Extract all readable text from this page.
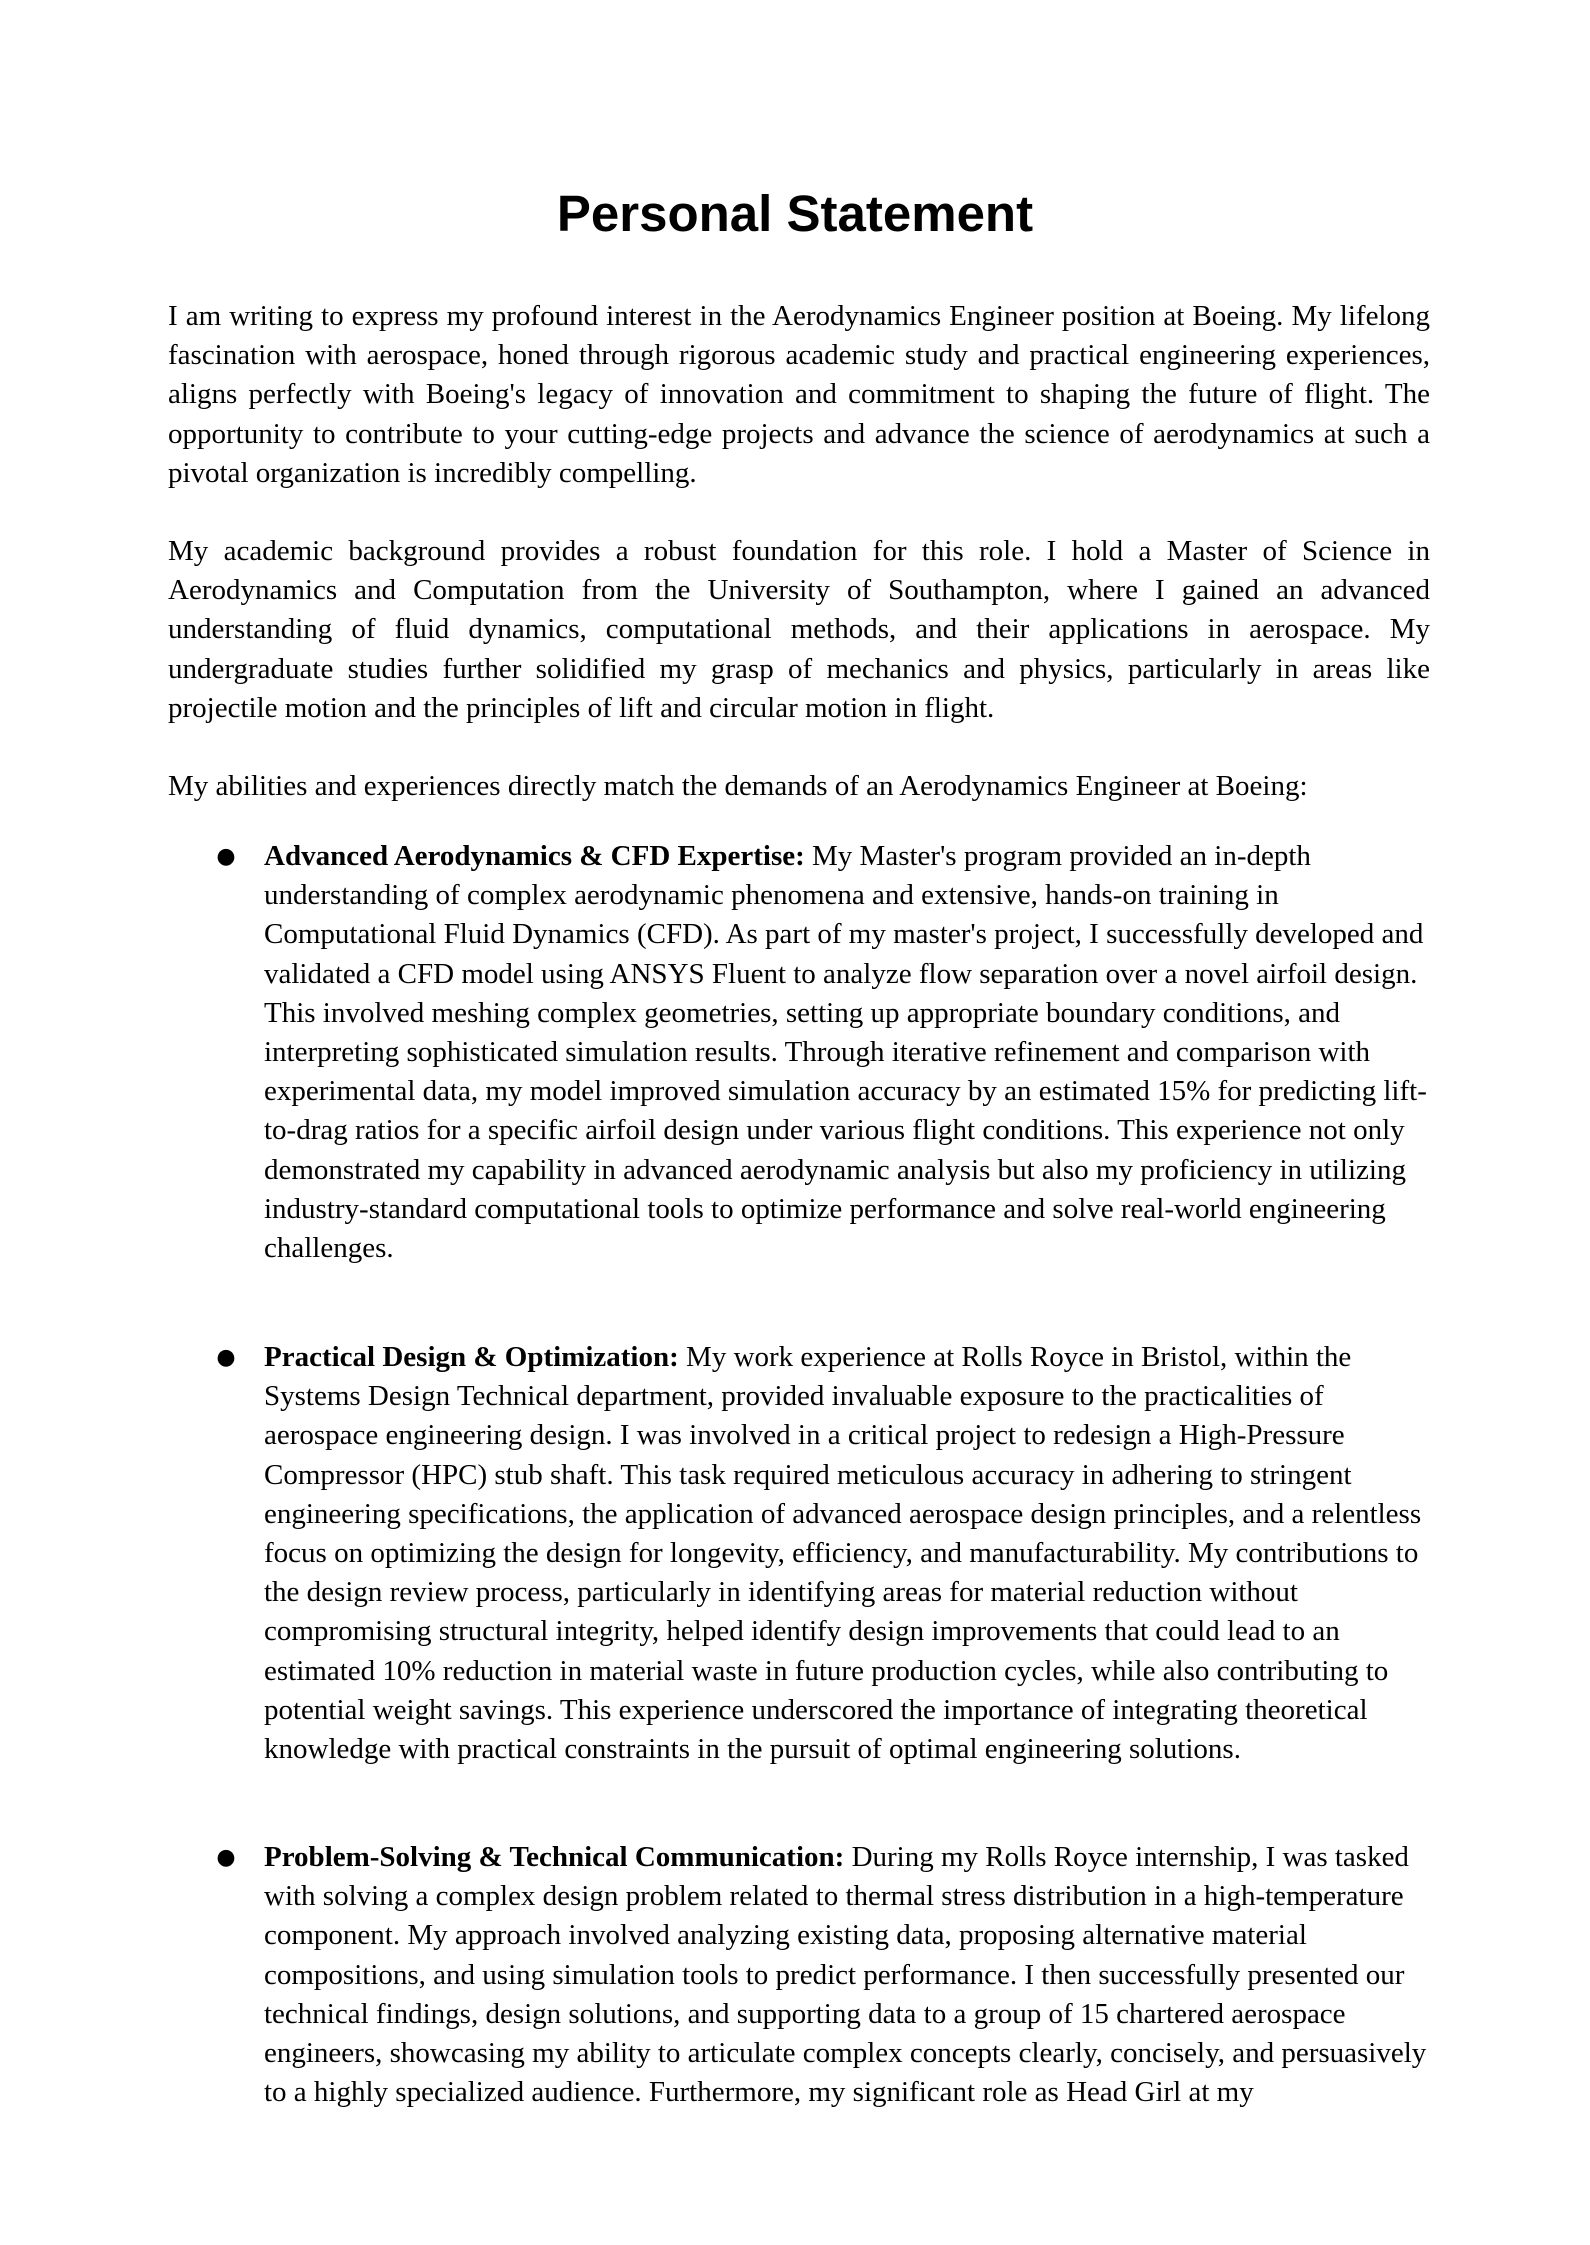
Personal Statement

I am writing to express my profound interest in the Aerodynamics Engineer position at Boeing. My lifelong fascination with aerospace, honed through rigorous academic study and practical engineering experiences, aligns perfectly with Boeing's legacy of innovation and commitment to shaping the future of flight. The opportunity to contribute to your cutting-edge projects and advance the science of aerodynamics at such a pivotal organization is incredibly compelling.

My academic background provides a robust foundation for this role. I hold a Master of Science in Aerodynamics and Computation from the University of Southampton, where I gained an advanced understanding of fluid dynamics, computational methods, and their applications in aerospace. My undergraduate studies further solidified my grasp of mechanics and physics, particularly in areas like projectile motion and the principles of lift and circular motion in flight.

My abilities and experiences directly match the demands of an Aerodynamics Engineer at Boeing:

● Advanced Aerodynamics & CFD Expertise: My Master's program provided an in-depth understanding of complex aerodynamic phenomena and extensive, hands-on training in Computational Fluid Dynamics (CFD). As part of my master's project, I successfully developed and validated a CFD model using ANSYS Fluent to analyze flow separation over a novel airfoil design. This involved meshing complex geometries, setting up appropriate boundary conditions, and interpreting sophisticated simulation results. Through iterative refinement and comparison with experimental data, my model improved simulation accuracy by an estimated 15% for predicting lift-to-drag ratios for a specific airfoil design under various flight conditions. This experience not only demonstrated my capability in advanced aerodynamic analysis but also my proficiency in utilizing industry-standard computational tools to optimize performance and solve real-world engineering challenges.
● Practical Design & Optimization: My work experience at Rolls Royce in Bristol, within the Systems Design Technical department, provided invaluable exposure to the practicalities of aerospace engineering design. I was involved in a critical project to redesign a High-Pressure Compressor (HPC) stub shaft. This task required meticulous accuracy in adhering to stringent engineering specifications, the application of advanced aerospace design principles, and a relentless focus on optimizing the design for longevity, efficiency, and manufacturability. My contributions to the design review process, particularly in identifying areas for material reduction without compromising structural integrity, helped identify design improvements that could lead to an estimated 10% reduction in material waste in future production cycles, while also contributing to potential weight savings. This experience underscored the importance of integrating theoretical knowledge with practical constraints in the pursuit of optimal engineering solutions.
● Problem-Solving & Technical Communication: During my Rolls Royce internship, I was tasked with solving a complex design problem related to thermal stress distribution in a high-temperature component. My approach involved analyzing existing data, proposing alternative material compositions, and using simulation tools to predict performance. I then successfully presented our technical findings, design solutions, and supporting data to a group of 15 chartered aerospace engineers, showcasing my ability to articulate complex concepts clearly, concisely, and persuasively to a highly specialized audience. Furthermore, my significant role as Head Girl at my
